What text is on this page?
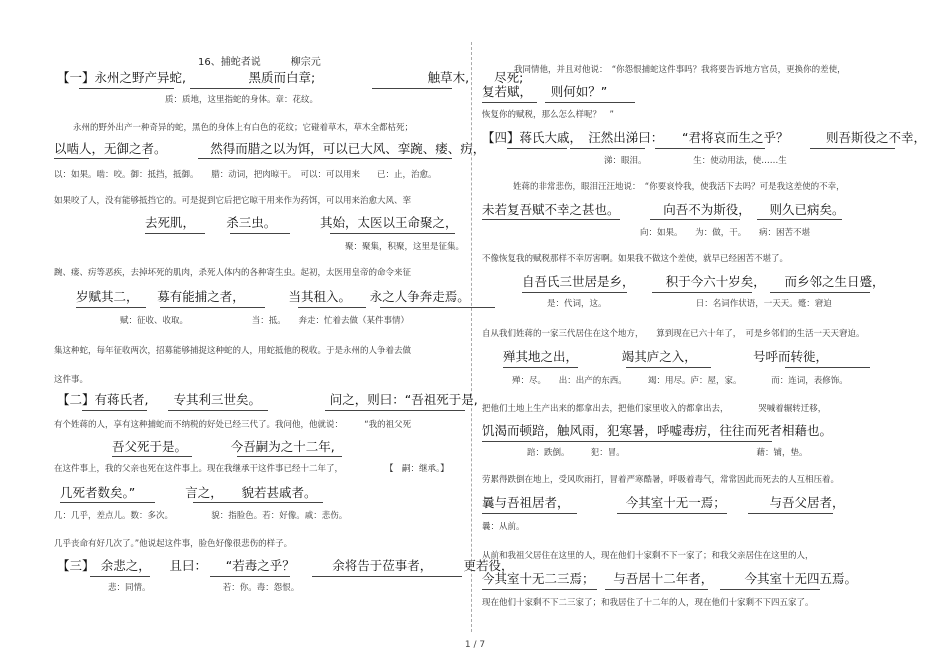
16、捕蛇者说　　　柳宗元
【一】永州之野产异蛇,　　　　　黑质而白章;　　　　　　　　　触草木,　　尽死;
质：质地，这里指蛇的身体。章：花纹。
永州的野外出产一种奇异的蛇，黑色的身体上有白色的花纹；它碰着草木，草木全都枯死；
以啮人，无御之者。　　　　然得而腊之以为饵，可以已大风、挛踠、瘘、疠，
以：如果。啮：咬。御：抵挡，抵御。　　腊：动词，把肉晾干。　可以：可以用来　　已：止，治愈。
如果咬了人，没有能够抵挡它的。可是捉到它后把它晾干用来作为药饵，可以用来治愈大风、挛
去死肌，　　　杀三虫。　　　　其始，太医以王命聚之，
聚：聚集，积聚，这里是征集。
踠、瘘、疠等恶疾，去掉坏死的肌肉，杀死人体内的各种寄生虫。起初，太医用皇帝的命令来征
岁赋其二，　　募有能捕之者，　　　　当其租入。　　永之人争奔走焉。
赋：征收、收取。　　　　　　　　当：抵。　　奔走：忙着去做（某件事情）
集这种蛇，每年征收两次，招募能够捕捉这种蛇的人，用蛇抵他的税收。于是永州的人争着去做
这件事。
【二】有蒋氏者,　　专其利三世矣。　　　　　　问之，则曰：“吾祖死于是,
有个姓蒋的人，享有这种捕蛇而不纳税的好处已经三代了。我问他，他就说：　　　“我的祖父死
吾父死于是。　　　　今吾嗣为之十二年,
在这件事上，我的父亲也死在这件事上。现在我继承干这件事已经十二年了，	【　嗣：继承。】
几死者数矣。”　　　　言之，　　貌若甚戚者。
几：几乎，差点儿。数：多次。　　　　　貌：指脸色。若：好像。戚：悲伤。
几乎丧命有好几次了。”他说起这件事，脸色好像很悲伤的样子。
【三】　余悲之，　　且曰：　　“若毒之乎？　　　余将告于莅事者，　　　更若役，
悲：同情。　　　　　　　　　若：你。毒：怨恨。
我同情他，并且对他说：　“你怨恨捕蛇这件事吗？我将要告诉地方官员，更换你的差使，
复若赋，　　则何如？”
恢复你的赋税，那么怎么样呢？　”
【四】蒋氏大戚，　汪然出涕曰：　　“君将哀而生之乎？　　　则吾斯役之不幸，
涕：眼泪。　　　　　　生：使动用法，使……生
姓蒋的非常悲伤，眼泪汪汪地说：　“你要哀怜我，使我活下去吗？可是我这差使的不幸，
未若复吾赋不幸之甚也。　　　　向吾不为斯役，　　则久已病矣。
向：如果。　　为：做，干。　　病：困苦不堪
不像恢复我的赋税那样不幸厉害啊。如果我不做这个差使，就早已经困苦不堪了。
自吾氏三世居是乡，　　　积于今六十岁矣，　　而乡邻之生日蹙，
是：代词，这。　　　　　　　　　　　日：名词作状语，一天天。蹙：窘迫
自从我们姓蒋的一家三代居住在这个地方，　　算到现在已六十年了，　可是乡邻们的生活一天天窘迫。
殚其地之出，　　　　竭其庐之入，　　　　　号呼而转徙，
殚：尽。　　出：出产的东西。　　　竭：用尽。庐：屋，家。　　　　而：连词，表修饰。
把他们土地上生产出来的都拿出去，把他们家里收入的都拿出去，　　　　哭喊着辗转迁移，
饥渴而顿踣，触风雨，犯寒暑，呼嘘毒疠，往往而死者相藉也。
踣：跌倒。　　　犯：冒。　　　　　　　　　　　　　　　　藉：铺，垫。
劳累得跌倒在地上，受风吹雨打，冒着严寒酷暑，呼吸着毒气，常常因此而死去的人互相压着。
曩与吾祖居者，　　　　　今其室十无一焉；　　　　与吾父居者，
曩：从前。
从前和我祖父居住在这里的人，现在他们十家剩不下一家了；和我父亲居住在这里的人，
今其室十无二三焉；　　与吾居十二年者，　　　今其室十无四五焉。
现在他们十家剩不下二三家了；和我居住了十二年的人，现在他们十家剩不下四五家了。
1 / 7
